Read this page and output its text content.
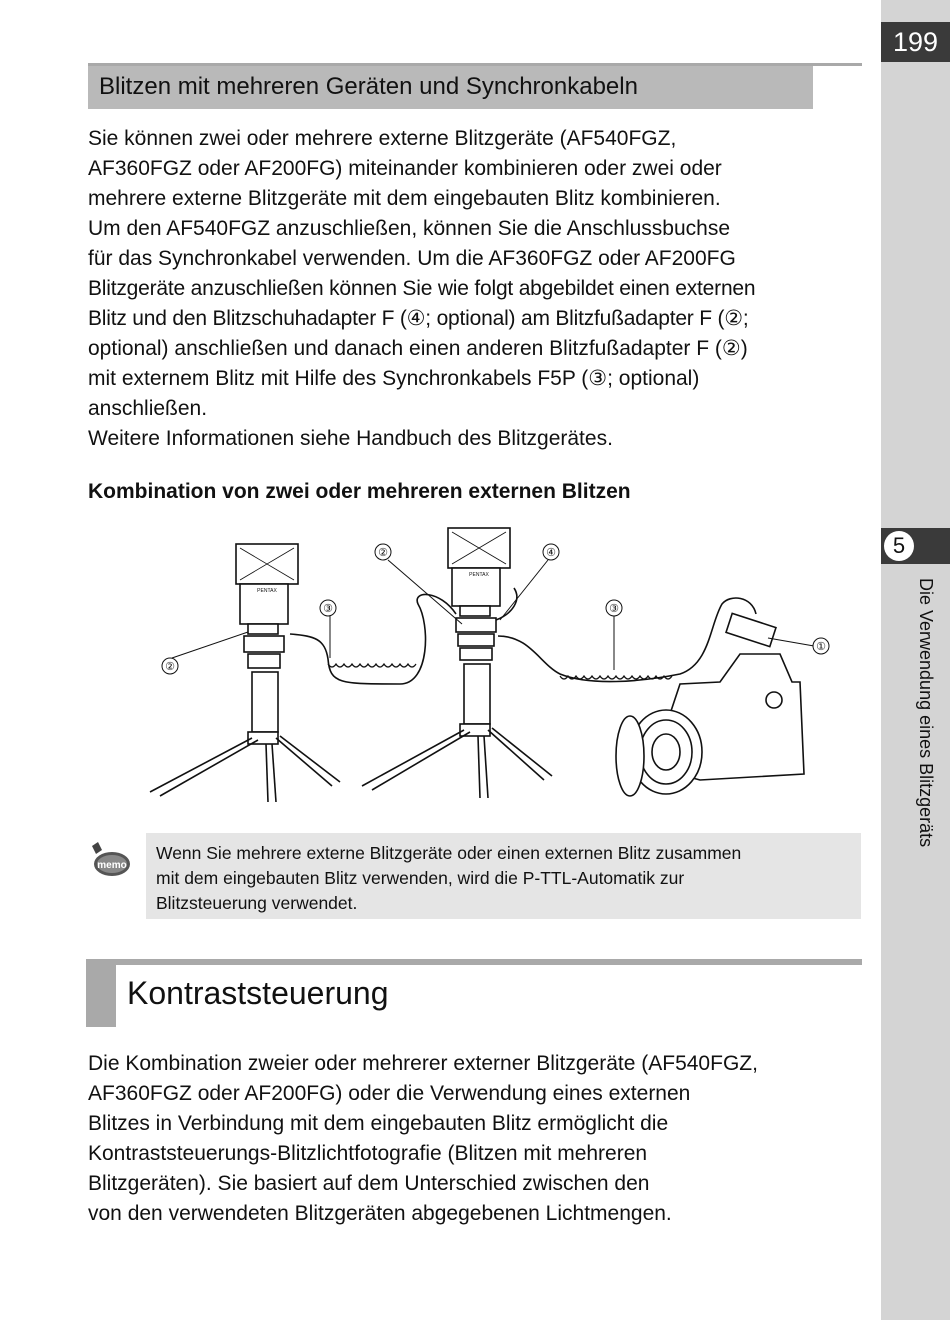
199
5
Die Verwendung eines Blitzgeräts
Blitzen mit mehreren Geräten und Synchronkabeln

Sie können zwei oder mehrere externe Blitzgeräte (AF540FGZ,

AF360FGZ oder AF200FG) miteinander kombinieren oder zwei oder

mehrere externe Blitzgeräte mit dem eingebauten Blitz kombinieren.

Um den AF540FGZ anzuschließen, können Sie die Anschlussbuchse

für das Synchronkabel verwenden. Um die AF360FGZ oder AF200FG

Blitzgeräte anzuschließen können Sie wie folgt abgebildet einen externen

Blitz und den Blitzschuhadapter F (④; optional) am Blitzfußadapter F (②;

optional) anschließen und danach einen anderen Blitzfußadapter F (②)

mit externem Blitz mit Hilfe des Synchronkabels F5P (③; optional)

anschließen.

Weitere Informationen siehe Handbuch des Blitzgerätes.

Kombination von zwei oder mehreren externen Blitzen
PENTAX
PENTAX
②	④
③	③
①
②
memo

Wenn Sie mehrere externe Blitzgeräte oder einen externen Blitz zusammen

mit dem eingebauten Blitz verwenden, wird die P-TTL-Automatik zur

Blitzsteuerung verwendet.

Kontraststeuerung

Die Kombination zweier oder mehrerer externer Blitzgeräte (AF540FGZ,

AF360FGZ oder AF200FG) oder die Verwendung eines externen

Blitzes in Verbindung mit dem eingebauten Blitz ermöglicht die

Kontraststeuerungs-Blitzlichtfotografie (Blitzen mit mehreren

Blitzgeräten). Sie basiert auf dem Unterschied zwischen den

von den verwendeten Blitzgeräten abgegebenen Lichtmengen.
